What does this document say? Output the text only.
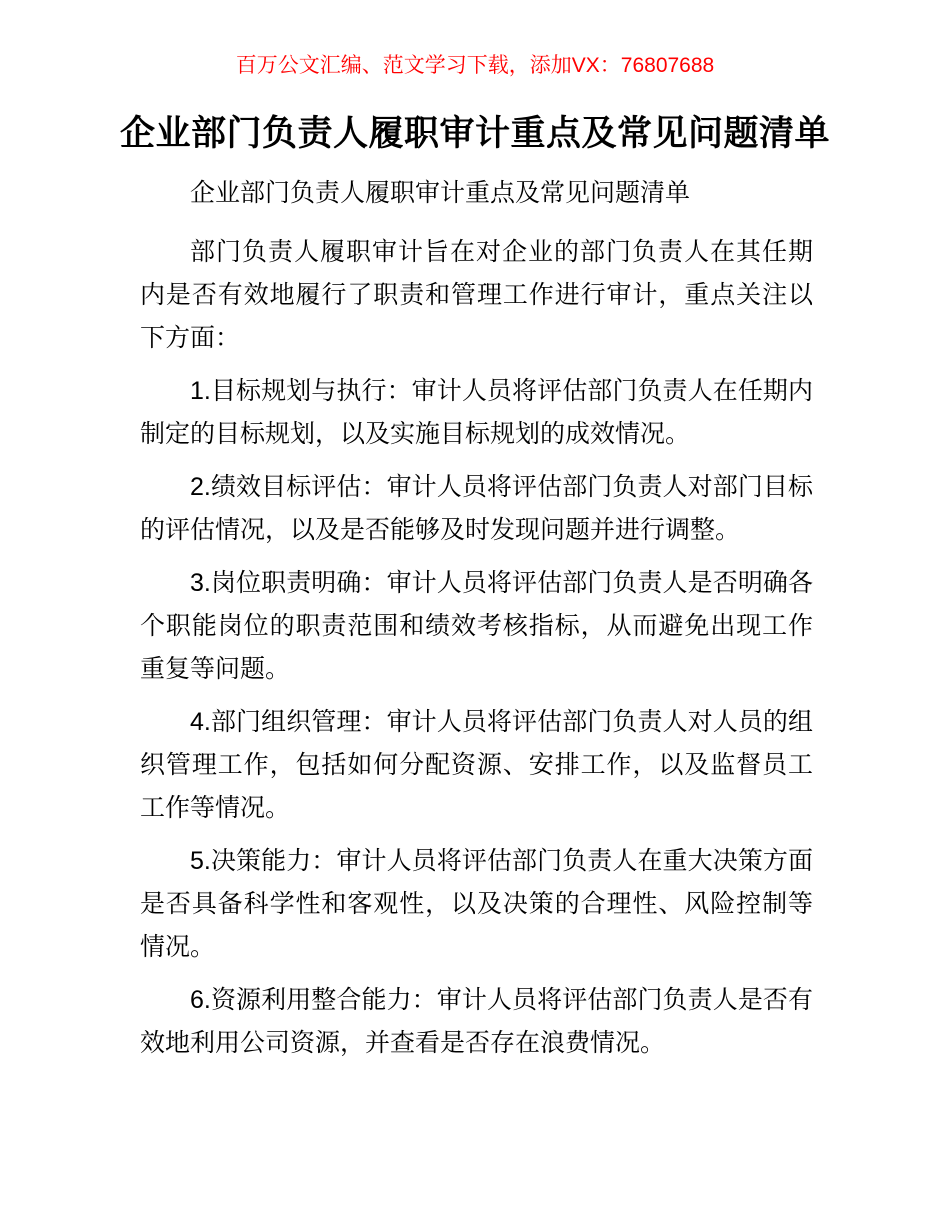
百万公文汇编、范文学习下载，添加VX：76807688

企业部门负责人履职审计重点及常见问题清单

企业部门负责人履职审计重点及常见问题清单

部门负责人履职审计旨在对企业的部门负责人在其任期内是否有效地履行了职责和管理工作进行审计，重点关注以下方面：

1.目标规划与执行：审计人员将评估部门负责人在任期内制定的目标规划，以及实施目标规划的成效情况。

2.绩效目标评估：审计人员将评估部门负责人对部门目标的评估情况，以及是否能够及时发现问题并进行调整。

3.岗位职责明确：审计人员将评估部门负责人是否明确各个职能岗位的职责范围和绩效考核指标，从而避免出现工作重复等问题。

4.部门组织管理：审计人员将评估部门负责人对人员的组织管理工作，包括如何分配资源、安排工作，以及监督员工工作等情况。

5.决策能力：审计人员将评估部门负责人在重大决策方面是否具备科学性和客观性，以及决策的合理性、风险控制等情况。

6.资源利用整合能力：审计人员将评估部门负责人是否有效地利用公司资源，并查看是否存在浪费情况。
